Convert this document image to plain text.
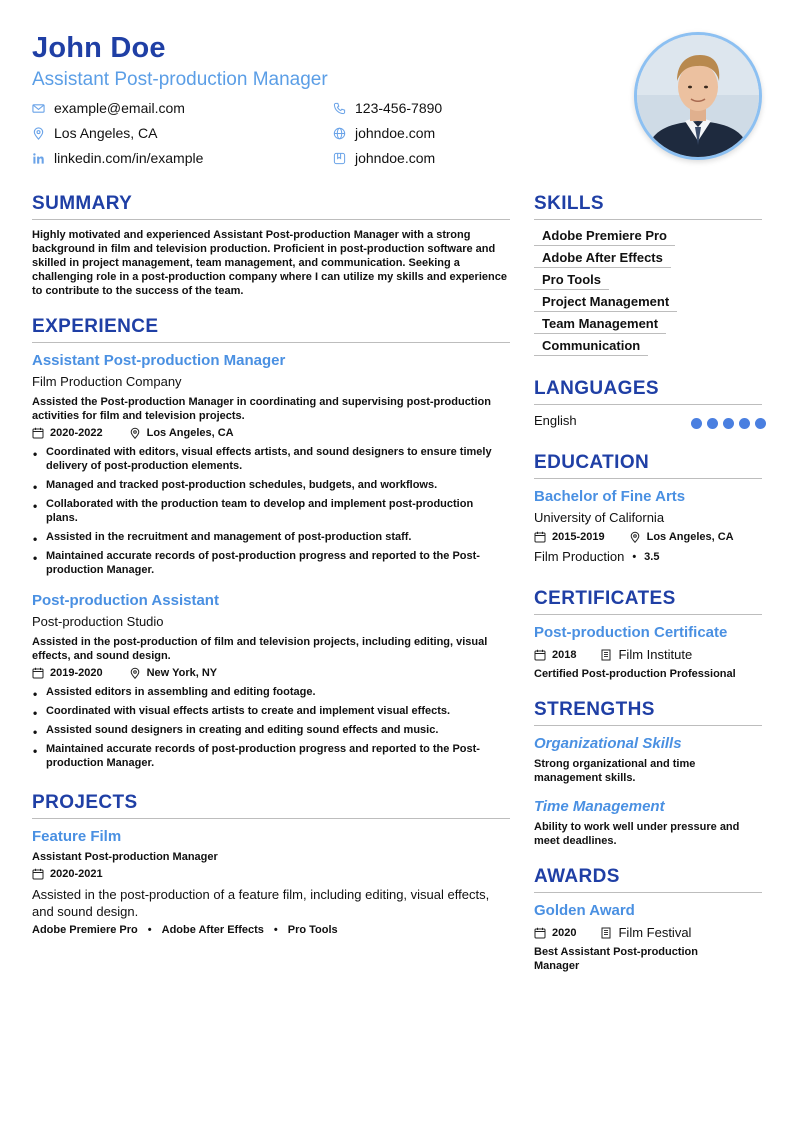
John Doe
Assistant Post-production Manager
example@email.com
Los Angeles, CA
linkedin.com/in/example
123-456-7890
johndoe.com
johndoe.com
SUMMARY
Highly motivated and experienced Assistant Post-production Manager with a strong background in film and television production. Proficient in post-production software and skilled in project management, team management, and communication. Seeking a challenging role in a post-production company where I can utilize my skills and experience to contribute to the success of the team.
EXPERIENCE
Assistant Post-production Manager
Film Production Company
Assisted the Post-production Manager in coordinating and supervising post-production activities for film and television projects.
2020-2022	Los Angeles, CA
• Coordinated with editors, visual effects artists, and sound designers to ensure timely delivery of post-production elements.
• Managed and tracked post-production schedules, budgets, and workflows.
• Collaborated with the production team to develop and implement post-production plans.
• Assisted in the recruitment and management of post-production staff.
• Maintained accurate records of post-production progress and reported to the Post-production Manager.
Post-production Assistant
Post-production Studio
Assisted in the post-production of film and television projects, including editing, visual effects, and sound design.
2019-2020	New York, NY
• Assisted editors in assembling and editing footage.
• Coordinated with visual effects artists to create and implement visual effects.
• Assisted sound designers in creating and editing sound effects and music.
• Maintained accurate records of post-production progress and reported to the Post-production Manager.
PROJECTS
Feature Film
Assistant Post-production Manager
2020-2021
Assisted in the post-production of a feature film, including editing, visual effects, and sound design.
Adobe Premiere Pro • Adobe After Effects • Pro Tools
SKILLS
Adobe Premiere Pro
Adobe After Effects
Pro Tools
Project Management
Team Management
Communication
LANGUAGES
English
EDUCATION
Bachelor of Fine Arts
University of California
2015-2019	Los Angeles, CA
Film Production • 3.5
CERTIFICATES
Post-production Certificate
2018	Film Institute
Certified Post-production Professional
STRENGTHS
Organizational Skills
Strong organizational and time management skills.
Time Management
Ability to work well under pressure and meet deadlines.
AWARDS
Golden Award
2020	Film Festival
Best Assistant Post-production Manager
